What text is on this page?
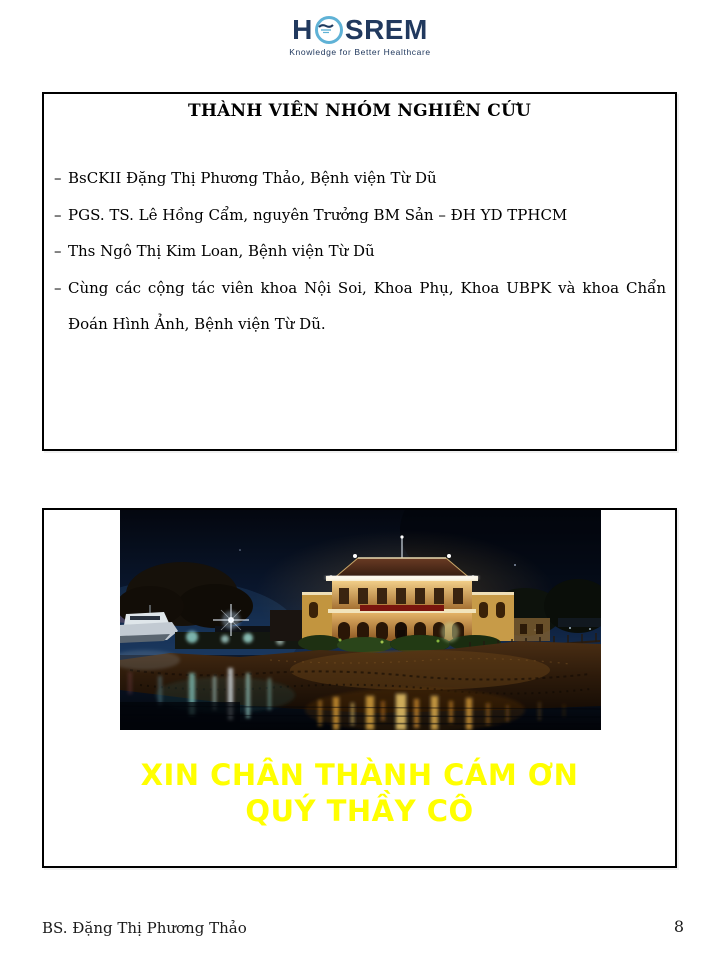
H SREM
Knowledge for Better Healthcare
THÀNH VIÊN NHÓM NGHIÊN CỨU

– BsCKII Đặng Thị Phương Thảo, Bệnh viện Từ Dũ

– PGS. TS. Lê Hồng Cẩm, nguyên Trưởng BM Sản – ĐH YD TPHCM

– Ths Ngô Thị Kim Loan, Bệnh viện Từ Dũ

– Cùng các cộng tác viên khoa Nội Soi, Khoa Phụ, Khoa UBPK và khoa Chẩn Đoán Hình Ảnh, Bệnh viện Từ Dũ.

XIN CHÂN THÀNH CÁM ƠN
QUÝ THẦY CÔ
BS. Đặng Thị Phương Thảo	8
